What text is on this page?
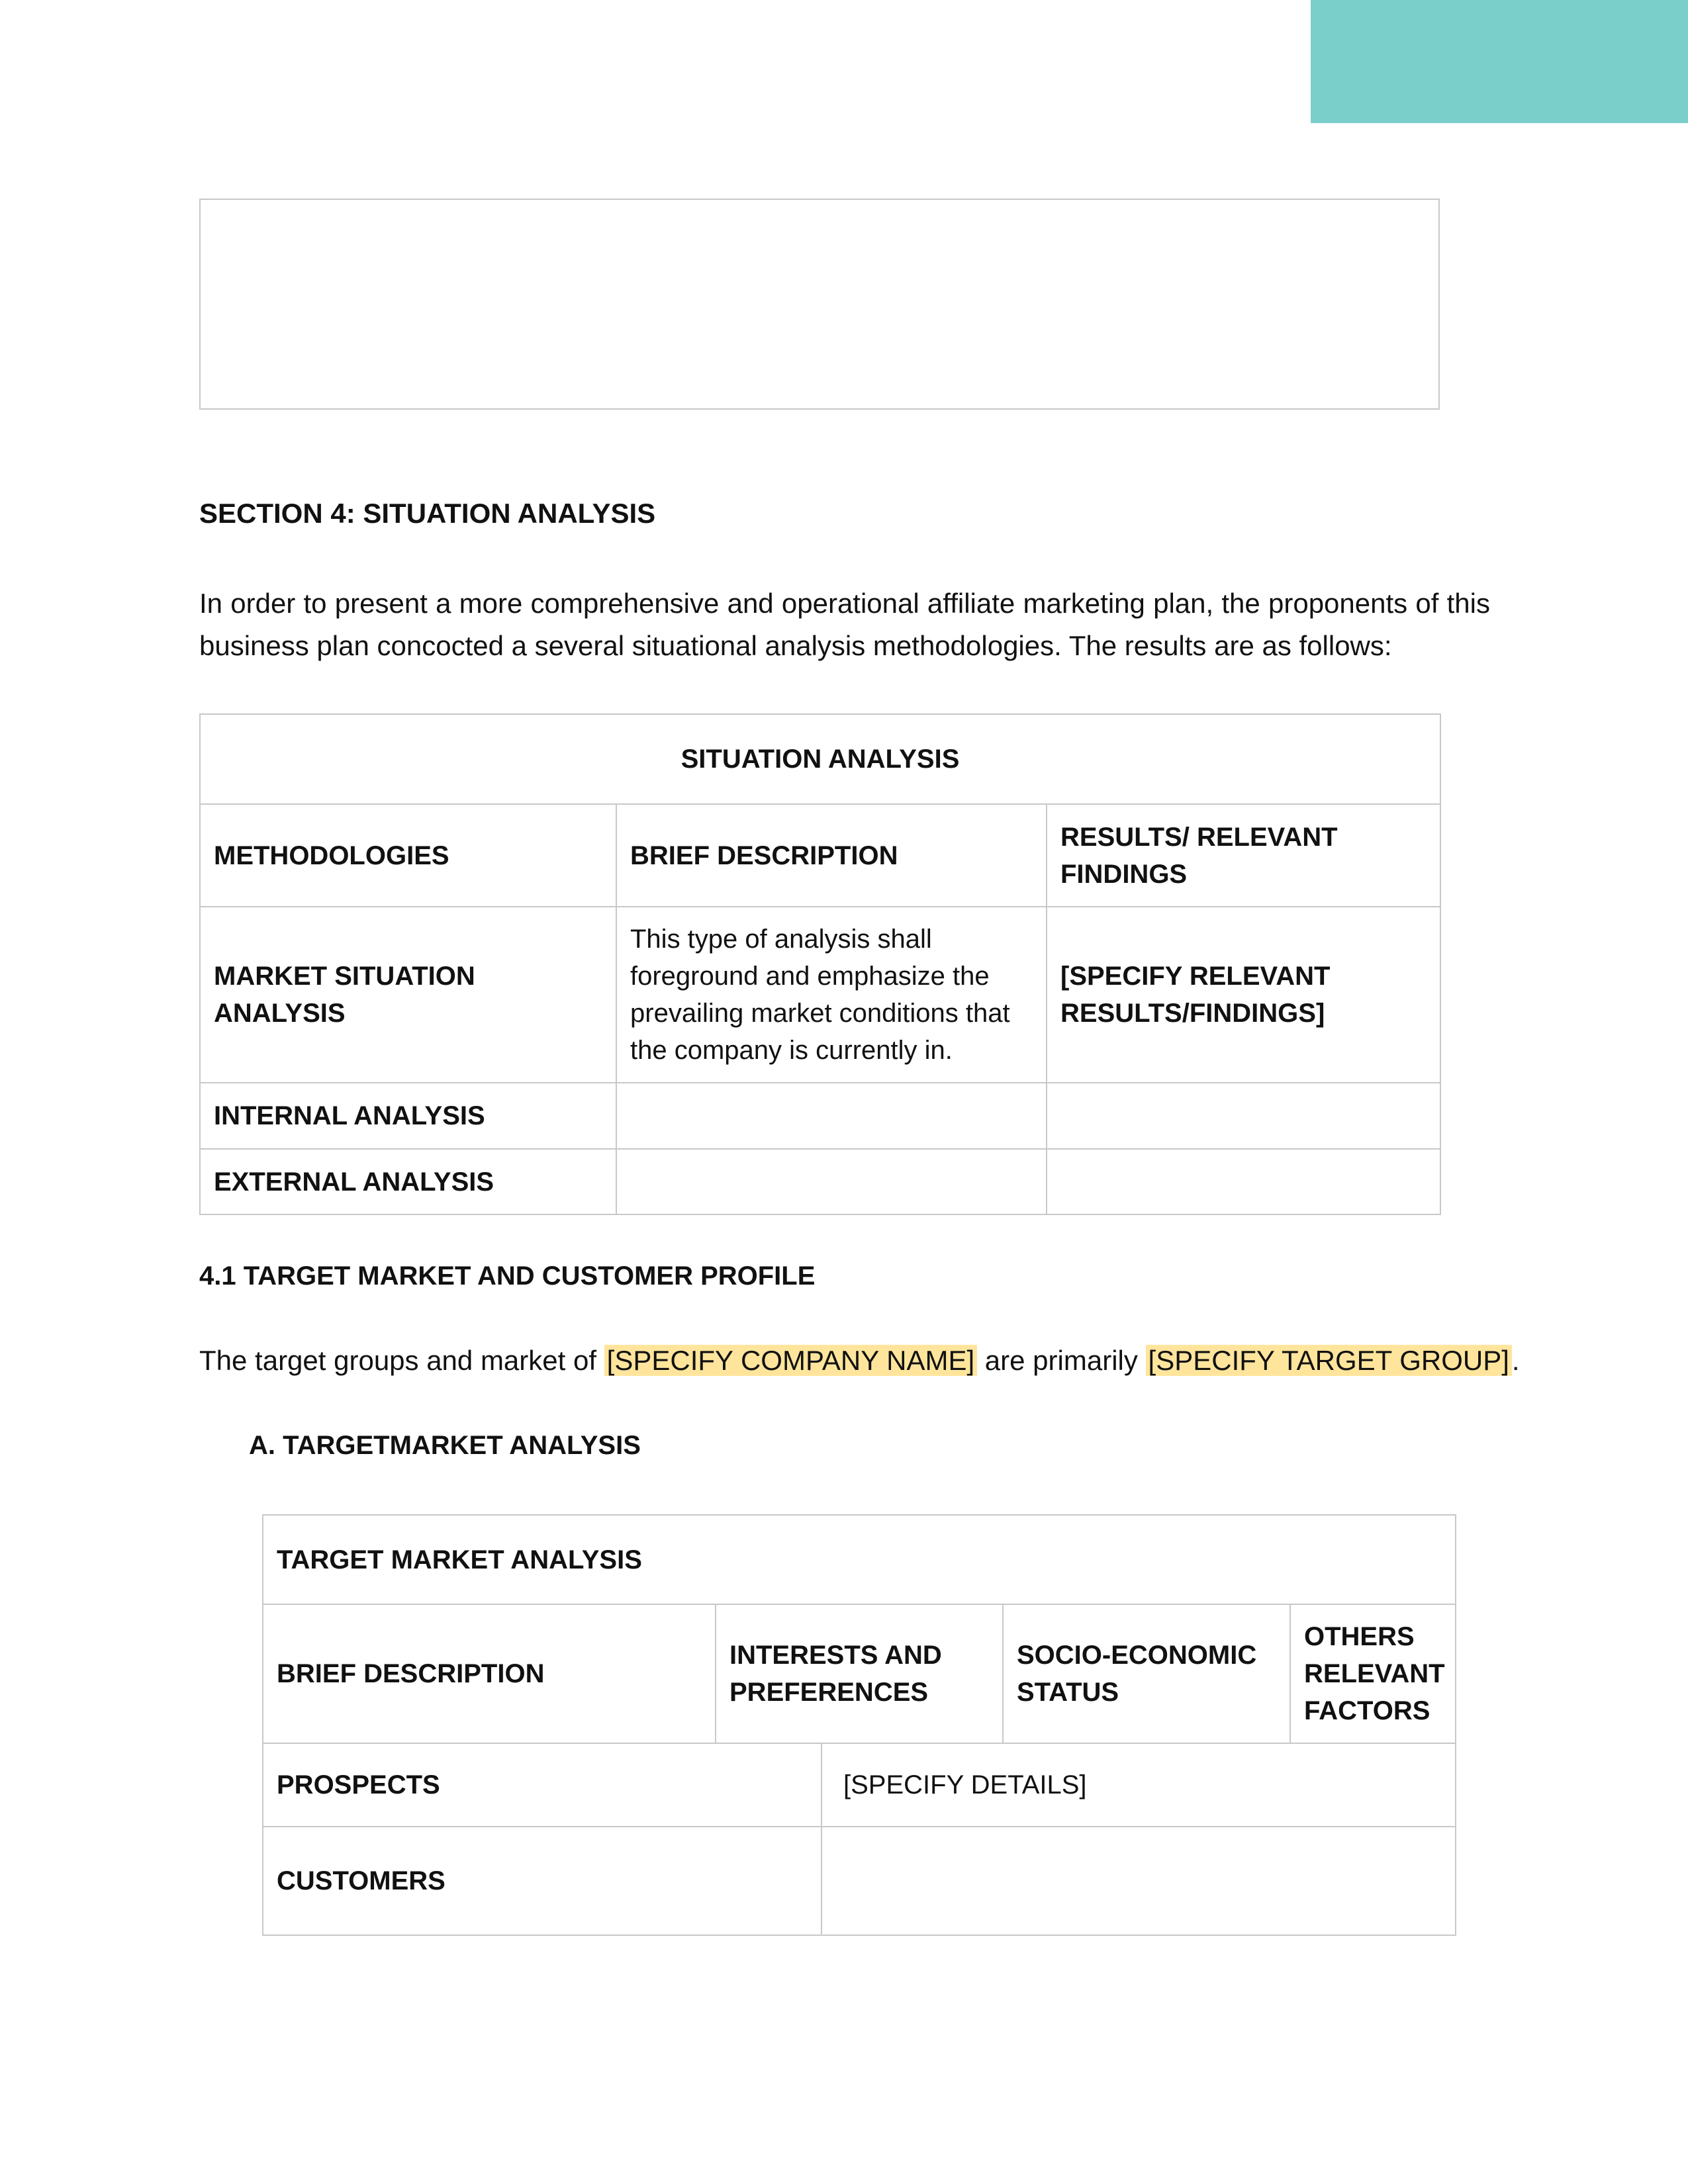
SECTION 4: SITUATION ANALYSIS
In order to present a more comprehensive and operational affiliate marketing plan, the proponents of this business plan concocted a several situational analysis methodologies. The results are as follows:
SITUATION ANALYSIS		
METHODOLOGIES	BRIEF DESCRIPTION	RESULTS/ RELEVANT FINDINGS
MARKET SITUATION ANALYSIS	This type of analysis shall foreground and emphasize the prevailing market conditions that the company is currently in.	[SPECIFY RELEVANT RESULTS/FINDINGS]
INTERNAL ANALYSIS		
EXTERNAL ANALYSIS		
4.1 TARGET MARKET AND CUSTOMER PROFILE
The target groups and market of [SPECIFY COMPANY NAME] are primarily [SPECIFY TARGET GROUP].
A. TARGETMARKET ANALYSIS
TARGET MARKET ANALYSIS				
BRIEF DESCRIPTION	INTERESTS AND PREFERENCES		SOCIO-ECONOMIC STATUS	OTHERS RELEVANT FACTORS
PROSPECTS		[SPECIFY DETAILS]		
CUSTOMERS				
